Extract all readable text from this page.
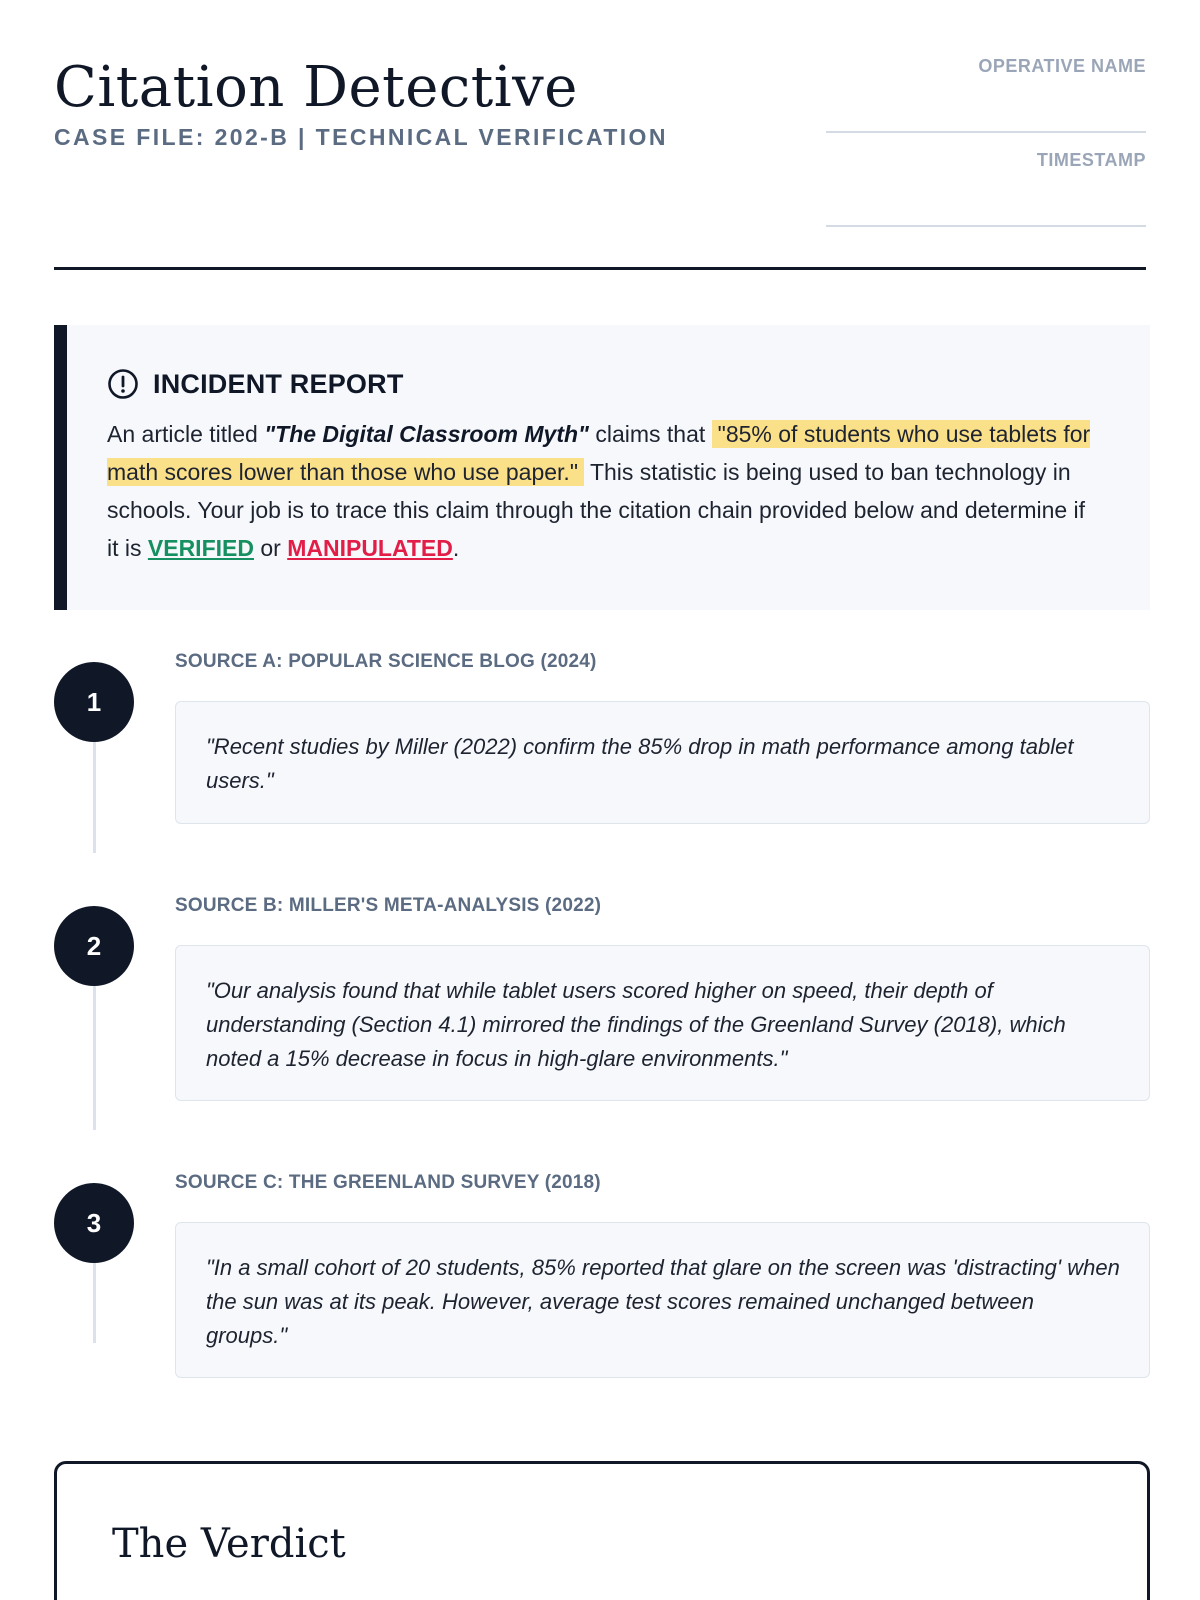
Citation Detective
CASE FILE: 202-B | TECHNICAL VERIFICATION
OPERATIVE NAME
TIMESTAMP
INCIDENT REPORT
An article titled "The Digital Classroom Myth" claims that "85% of students who use tablets for math scores lower than those who use paper." This statistic is being used to ban technology in schools. Your job is to trace this claim through the citation chain provided below and determine if it is VERIFIED or MANIPULATED.
1
SOURCE A: POPULAR SCIENCE BLOG (2024)
"Recent studies by Miller (2022) confirm the 85% drop in math performance among tablet users."
2
SOURCE B: MILLER'S META-ANALYSIS (2022)
"Our analysis found that while tablet users scored higher on speed, their depth of understanding (Section 4.1) mirrored the findings of the Greenland Survey (2018), which noted a 15% decrease in focus in high-glare environments."
3
SOURCE C: THE GREENLAND SURVEY (2018)
"In a small cohort of 20 students, 85% reported that glare on the screen was 'distracting' when the sun was at its peak. However, average test scores remained unchanged between groups."
The Verdict
